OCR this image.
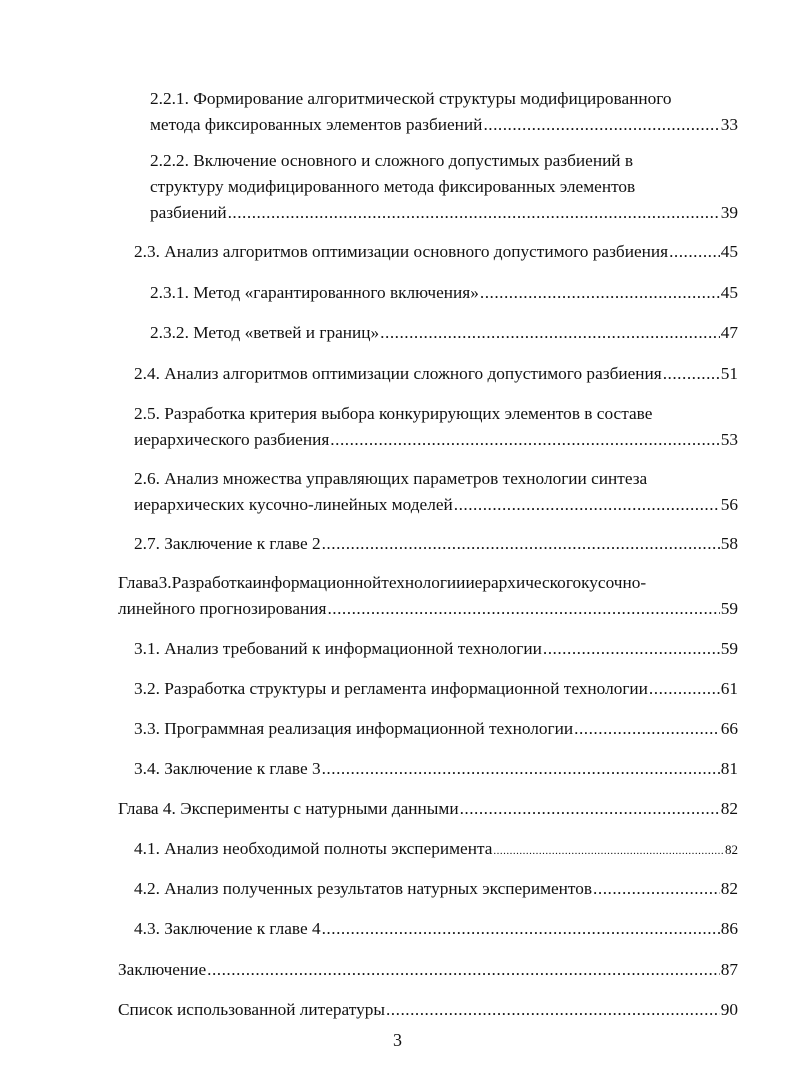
2.2.1. Формирование алгоритмической структуры модифицированного
метода фиксированных элементов разбиений .....	33
2.2.2. Включение основного и сложного допустимых разбиений в
структуру модифицированного метода фиксированных элементов
разбиений .....	39
2.3. Анализ алгоритмов оптимизации основного допустимого разбиения .....	45
2.3.1. Метод «гарантированного включения» .....	45
2.3.2. Метод «ветвей и границ» .....	47
2.4. Анализ алгоритмов оптимизации сложного допустимого разбиения .....	51
2.5. Разработка критерия выбора конкурирующих элементов в составе
иерархического разбиения .....	53
2.6. Анализ множества управляющих параметров технологии синтеза
иерархических кусочно-линейных моделей .....	56
2.7. Заключение к главе 2 .....	58
Глава3.Разработкаинформационнойтехнологиииерархическогокусочно-
линейного прогнозирования .....	59
3.1. Анализ требований к информационной технологии .....	59
3.2. Разработка структуры и регламента информационной технологии .....	61
3.3. Программная реализация информационной технологии .....	66
3.4. Заключение к главе 3 .....	81
Глава 4. Эксперименты с натурными данными .....	82
4.1. Анализ необходимой полноты эксперимента .....	82
4.2. Анализ полученных результатов натурных экспериментов .....	82
4.3. Заключение к главе 4 .....	86
Заключение .....	87
Список использованной литературы .....	90
3
